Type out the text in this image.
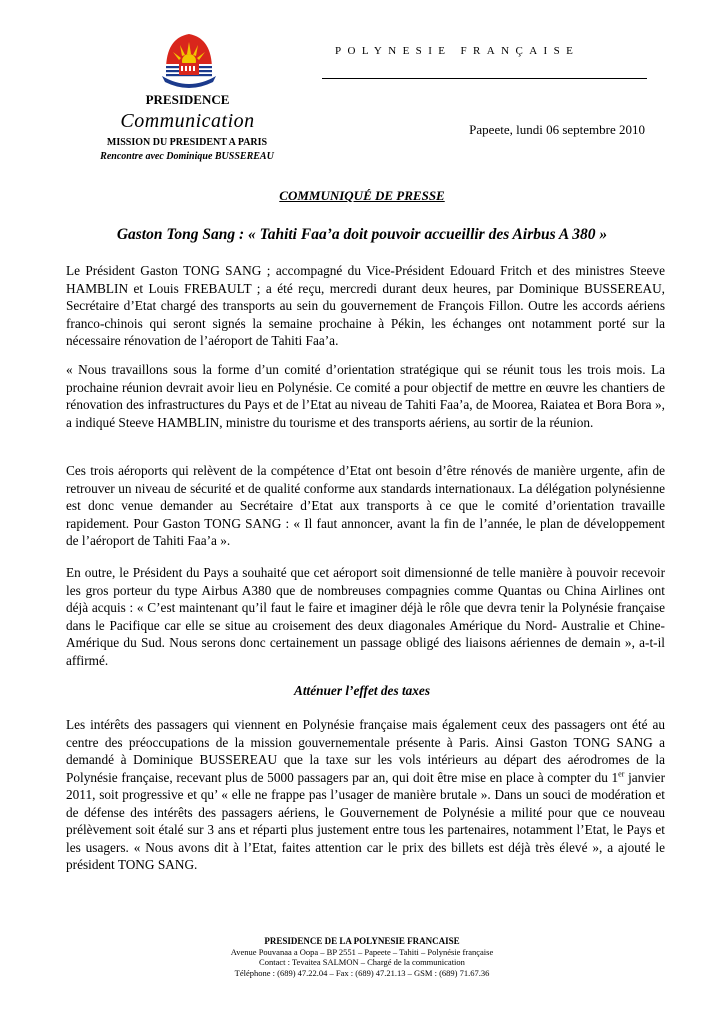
PRESIDENCE
Communication
MISSION DU PRESIDENT A PARIS
Rencontre avec Dominique BUSSEREAU
POLYNESIE FRANÇAISE
Papeete, lundi 06 septembre 2010
COMMUNIQUÉ DE PRESSE
Gaston Tong Sang : « Tahiti Faa’a doit pouvoir accueillir des Airbus A 380 »
Le Président Gaston TONG SANG ; accompagné du Vice-Président Edouard Fritch et des ministres Steeve HAMBLIN et Louis FREBAULT ; a été reçu, mercredi durant deux heures, par Dominique BUSSEREAU, Secrétaire d’Etat chargé des transports au sein du gouvernement de François Fillon. Outre les accords aériens franco-chinois qui seront signés la semaine prochaine à Pékin, les échanges ont notamment porté sur la nécessaire rénovation de l’aéroport de Tahiti Faa’a.
« Nous travaillons sous la forme d’un comité d’orientation stratégique qui se réunit tous les trois mois. La prochaine réunion devrait avoir lieu en Polynésie. Ce comité a pour objectif de mettre en œuvre les chantiers de rénovation des infrastructures du Pays et de l’Etat au niveau de Tahiti Faa’a, de Moorea, Raiatea et Bora Bora », a indiqué Steeve HAMBLIN, ministre du tourisme et des transports aériens, au sortir de la réunion.
Ces trois aéroports qui relèvent de la compétence d’Etat ont besoin d’être rénovés de manière urgente, afin de retrouver un niveau de sécurité et de qualité conforme aux standards internationaux. La délégation polynésienne est donc venue demander au Secrétaire d’Etat aux transports à ce que le comité d’orientation travaille rapidement. Pour Gaston TONG SANG : « Il faut annoncer, avant la fin de l’année, le plan de développement de l’aéroport de Tahiti Faa’a ».
En outre, le Président du Pays a souhaité que cet aéroport soit dimensionné de telle manière à pouvoir recevoir les gros porteur du type Airbus A380 que de nombreuses compagnies comme Quantas ou China Airlines ont déjà acquis : « C’est maintenant qu’il faut le faire et imaginer déjà le rôle que devra tenir la Polynésie française dans le Pacifique car elle se situe au croisement des deux diagonales Amérique du Nord- Australie et Chine- Amérique du Sud. Nous serons donc certainement un passage obligé des liaisons aériennes de demain », a-t-il affirmé.
Atténuer l’effet des taxes
Les intérêts des passagers qui viennent en Polynésie française mais également ceux des passagers ont été au centre des préoccupations de la mission gouvernementale présente à Paris. Ainsi Gaston TONG SANG a demandé à Dominique BUSSEREAU que la taxe sur les vols intérieurs au départ des aérodromes de la Polynésie française, recevant plus de 5000 passagers par an, qui doit être mise en place à compter du 1er janvier 2011, soit progressive et qu’ « elle ne frappe pas l’usager de manière brutale ». Dans un souci de modération et de défense des intérêts des passagers aériens, le Gouvernement de Polynésie a milité pour que ce nouveau prélèvement soit étalé sur 3 ans et réparti plus justement entre tous les partenaires, notamment l’Etat, le Pays et les usagers. « Nous avons dit à l’Etat, faites attention car le prix des billets est déjà très élevé », a ajouté le président TONG SANG.
PRESIDENCE DE LA POLYNESIE FRANCAISE
Avenue Pouvanaa a Oopa – BP 2551 – Papeete – Tahiti – Polynésie française
Contact : Tevaitea SALMON – Chargé de la communication
Téléphone : (689) 47.22.04 – Fax : (689) 47.21.13 – GSM : (689) 71.67.36
